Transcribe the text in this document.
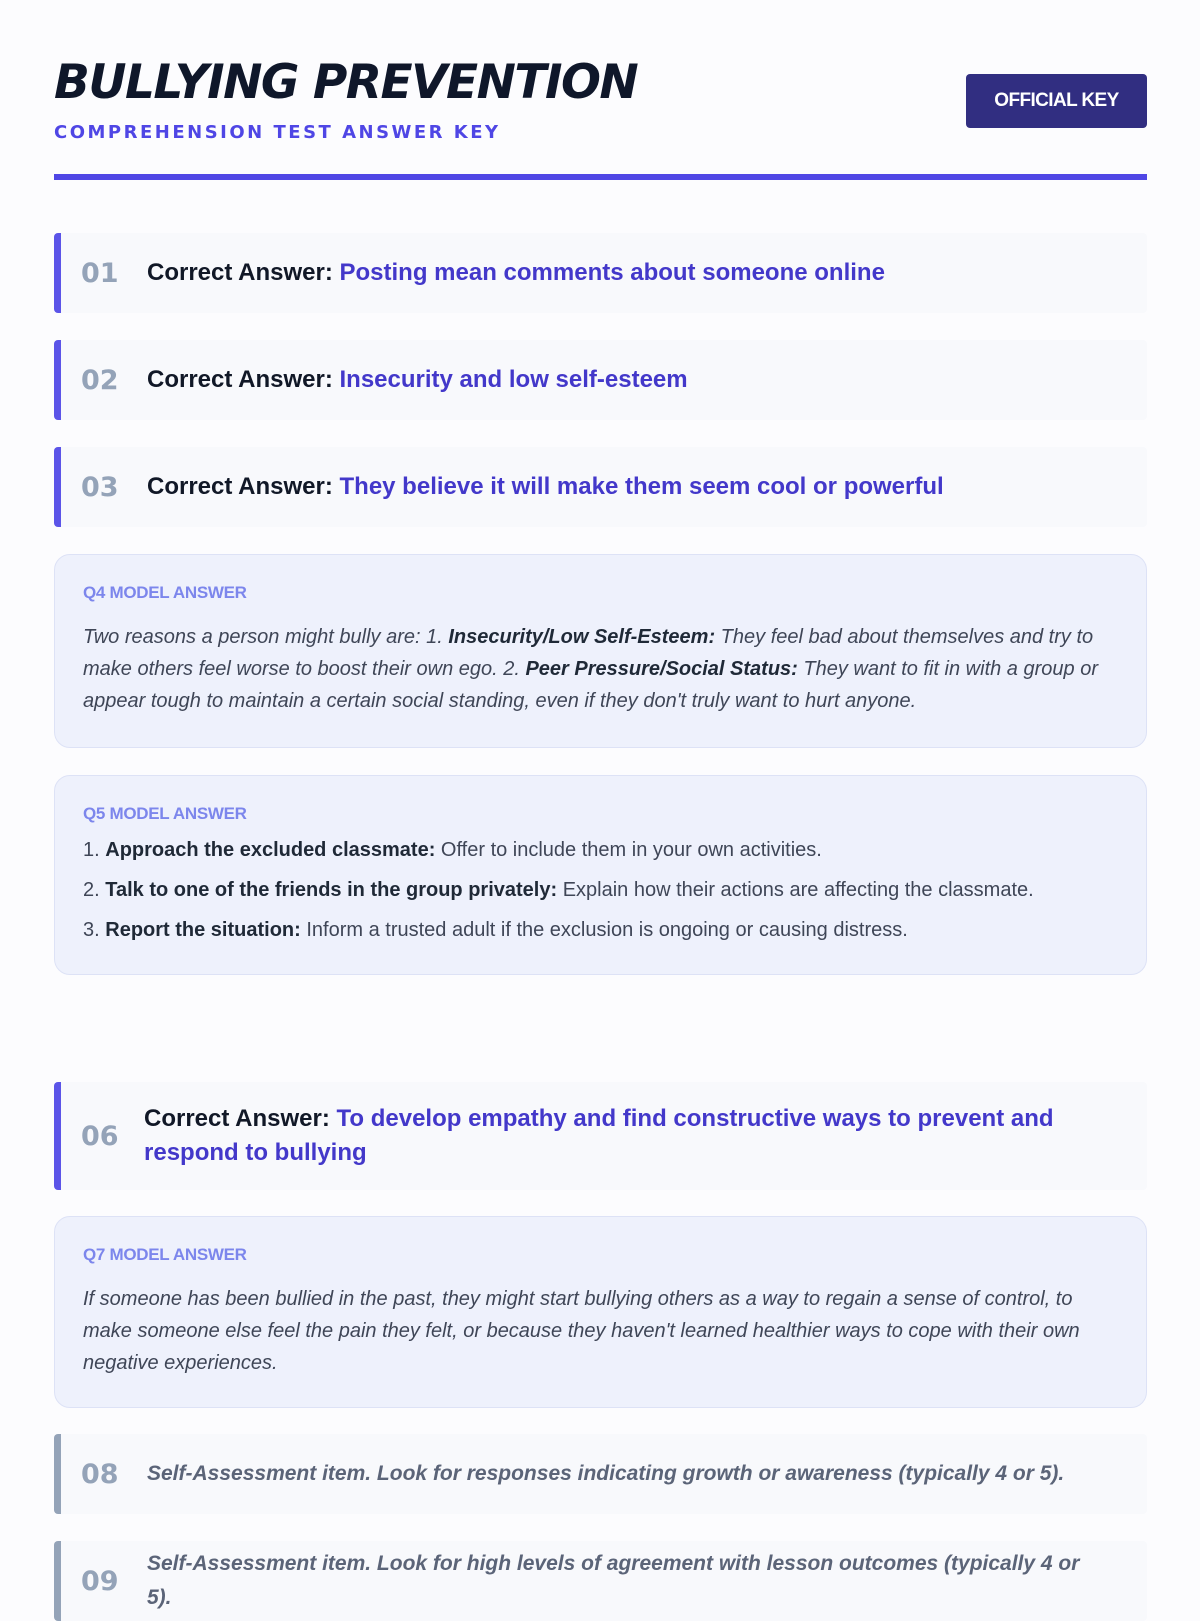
BULLYING PREVENTION
COMPREHENSION TEST ANSWER KEY
OFFICIAL KEY
01 Correct Answer: Posting mean comments about someone online
02 Correct Answer: Insecurity and low self-esteem
03 Correct Answer: They believe it will make them seem cool or powerful
Q4 MODEL ANSWER
Two reasons a person might bully are: 1. Insecurity/Low Self-Esteem: They feel bad about themselves and try to make others feel worse to boost their own ego. 2. Peer Pressure/Social Status: They want to fit in with a group or appear tough to maintain a certain social standing, even if they don't truly want to hurt anyone.
Q5 MODEL ANSWER
1. Approach the excluded classmate: Offer to include them in your own activities.
2. Talk to one of the friends in the group privately: Explain how their actions are affecting the classmate.
3. Report the situation: Inform a trusted adult if the exclusion is ongoing or causing distress.
06
Correct Answer: To develop empathy and find constructive ways to prevent and respond to bullying
Q7 MODEL ANSWER
If someone has been bullied in the past, they might start bullying others as a way to regain a sense of control, to make someone else feel the pain they felt, or because they haven't learned healthier ways to cope with their own negative experiences.
08 Self-Assessment item. Look for responses indicating growth or awareness (typically 4 or 5).
09
Self-Assessment item. Look for high levels of agreement with lesson outcomes (typically 4 or 5).
